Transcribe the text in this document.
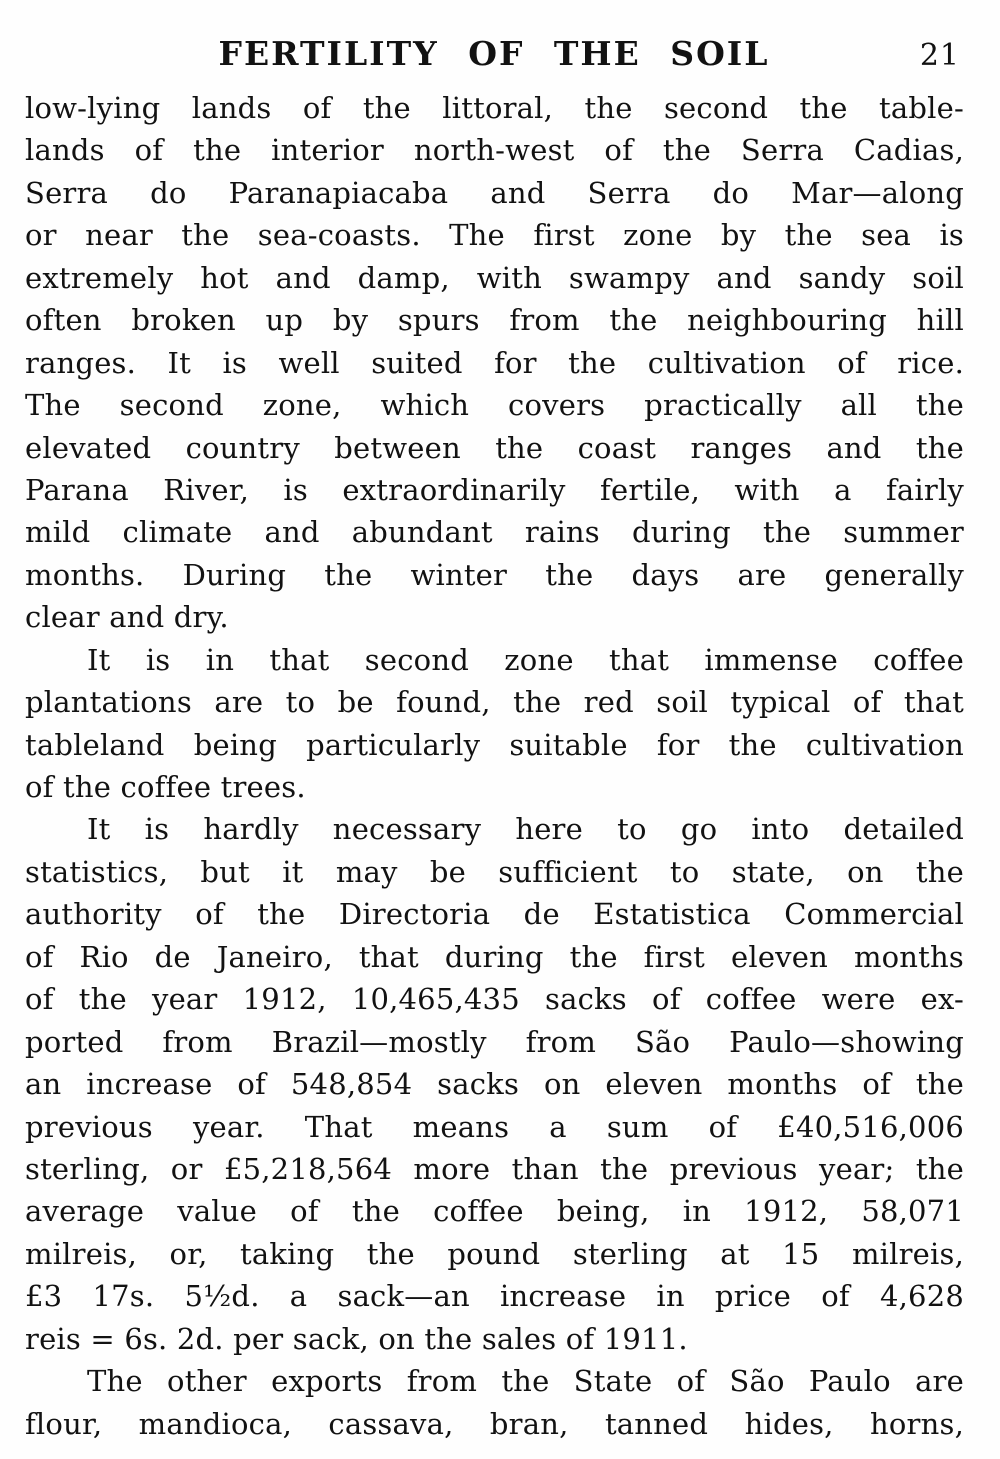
FERTILITY OF THE SOIL	21
low-lying lands of the littoral, the second the table-
lands of the interior north-west of the Serra Cadias,
Serra do Paranapiacaba and Serra do Mar—along
or near the sea-coasts. The first zone by the sea is
extremely hot and damp, with swampy and sandy soil
often broken up by spurs from the neighbouring hill
ranges. It is well suited for the cultivation of rice.
The second zone, which covers practically all the
elevated country between the coast ranges and the
Parana River, is extraordinarily fertile, with a fairly
mild climate and abundant rains during the summer
months. During the winter the days are generally
clear and dry.
It is in that second zone that immense coffee
plantations are to be found, the red soil typical of that
tableland being particularly suitable for the cultivation
of the coffee trees.
It is hardly necessary here to go into detailed
statistics, but it may be sufficient to state, on the
authority of the Directoria de Estatistica Commercial
of Rio de Janeiro, that during the first eleven months
of the year 1912, 10,465,435 sacks of coffee were ex-
ported from Brazil—mostly from São Paulo—showing
an increase of 548,854 sacks on eleven months of the
previous year. That means a sum of £40,516,006
sterling, or £5,218,564 more than the previous year; the
average value of the coffee being, in 1912, 58,071
milreis, or, taking the pound sterling at 15 milreis,
£3 17s. 5½d. a sack—an increase in price of 4,628
reis = 6s. 2d. per sack, on the sales of 1911.
The other exports from the State of São Paulo are
flour, mandioca, cassava, bran, tanned hides, horns,
